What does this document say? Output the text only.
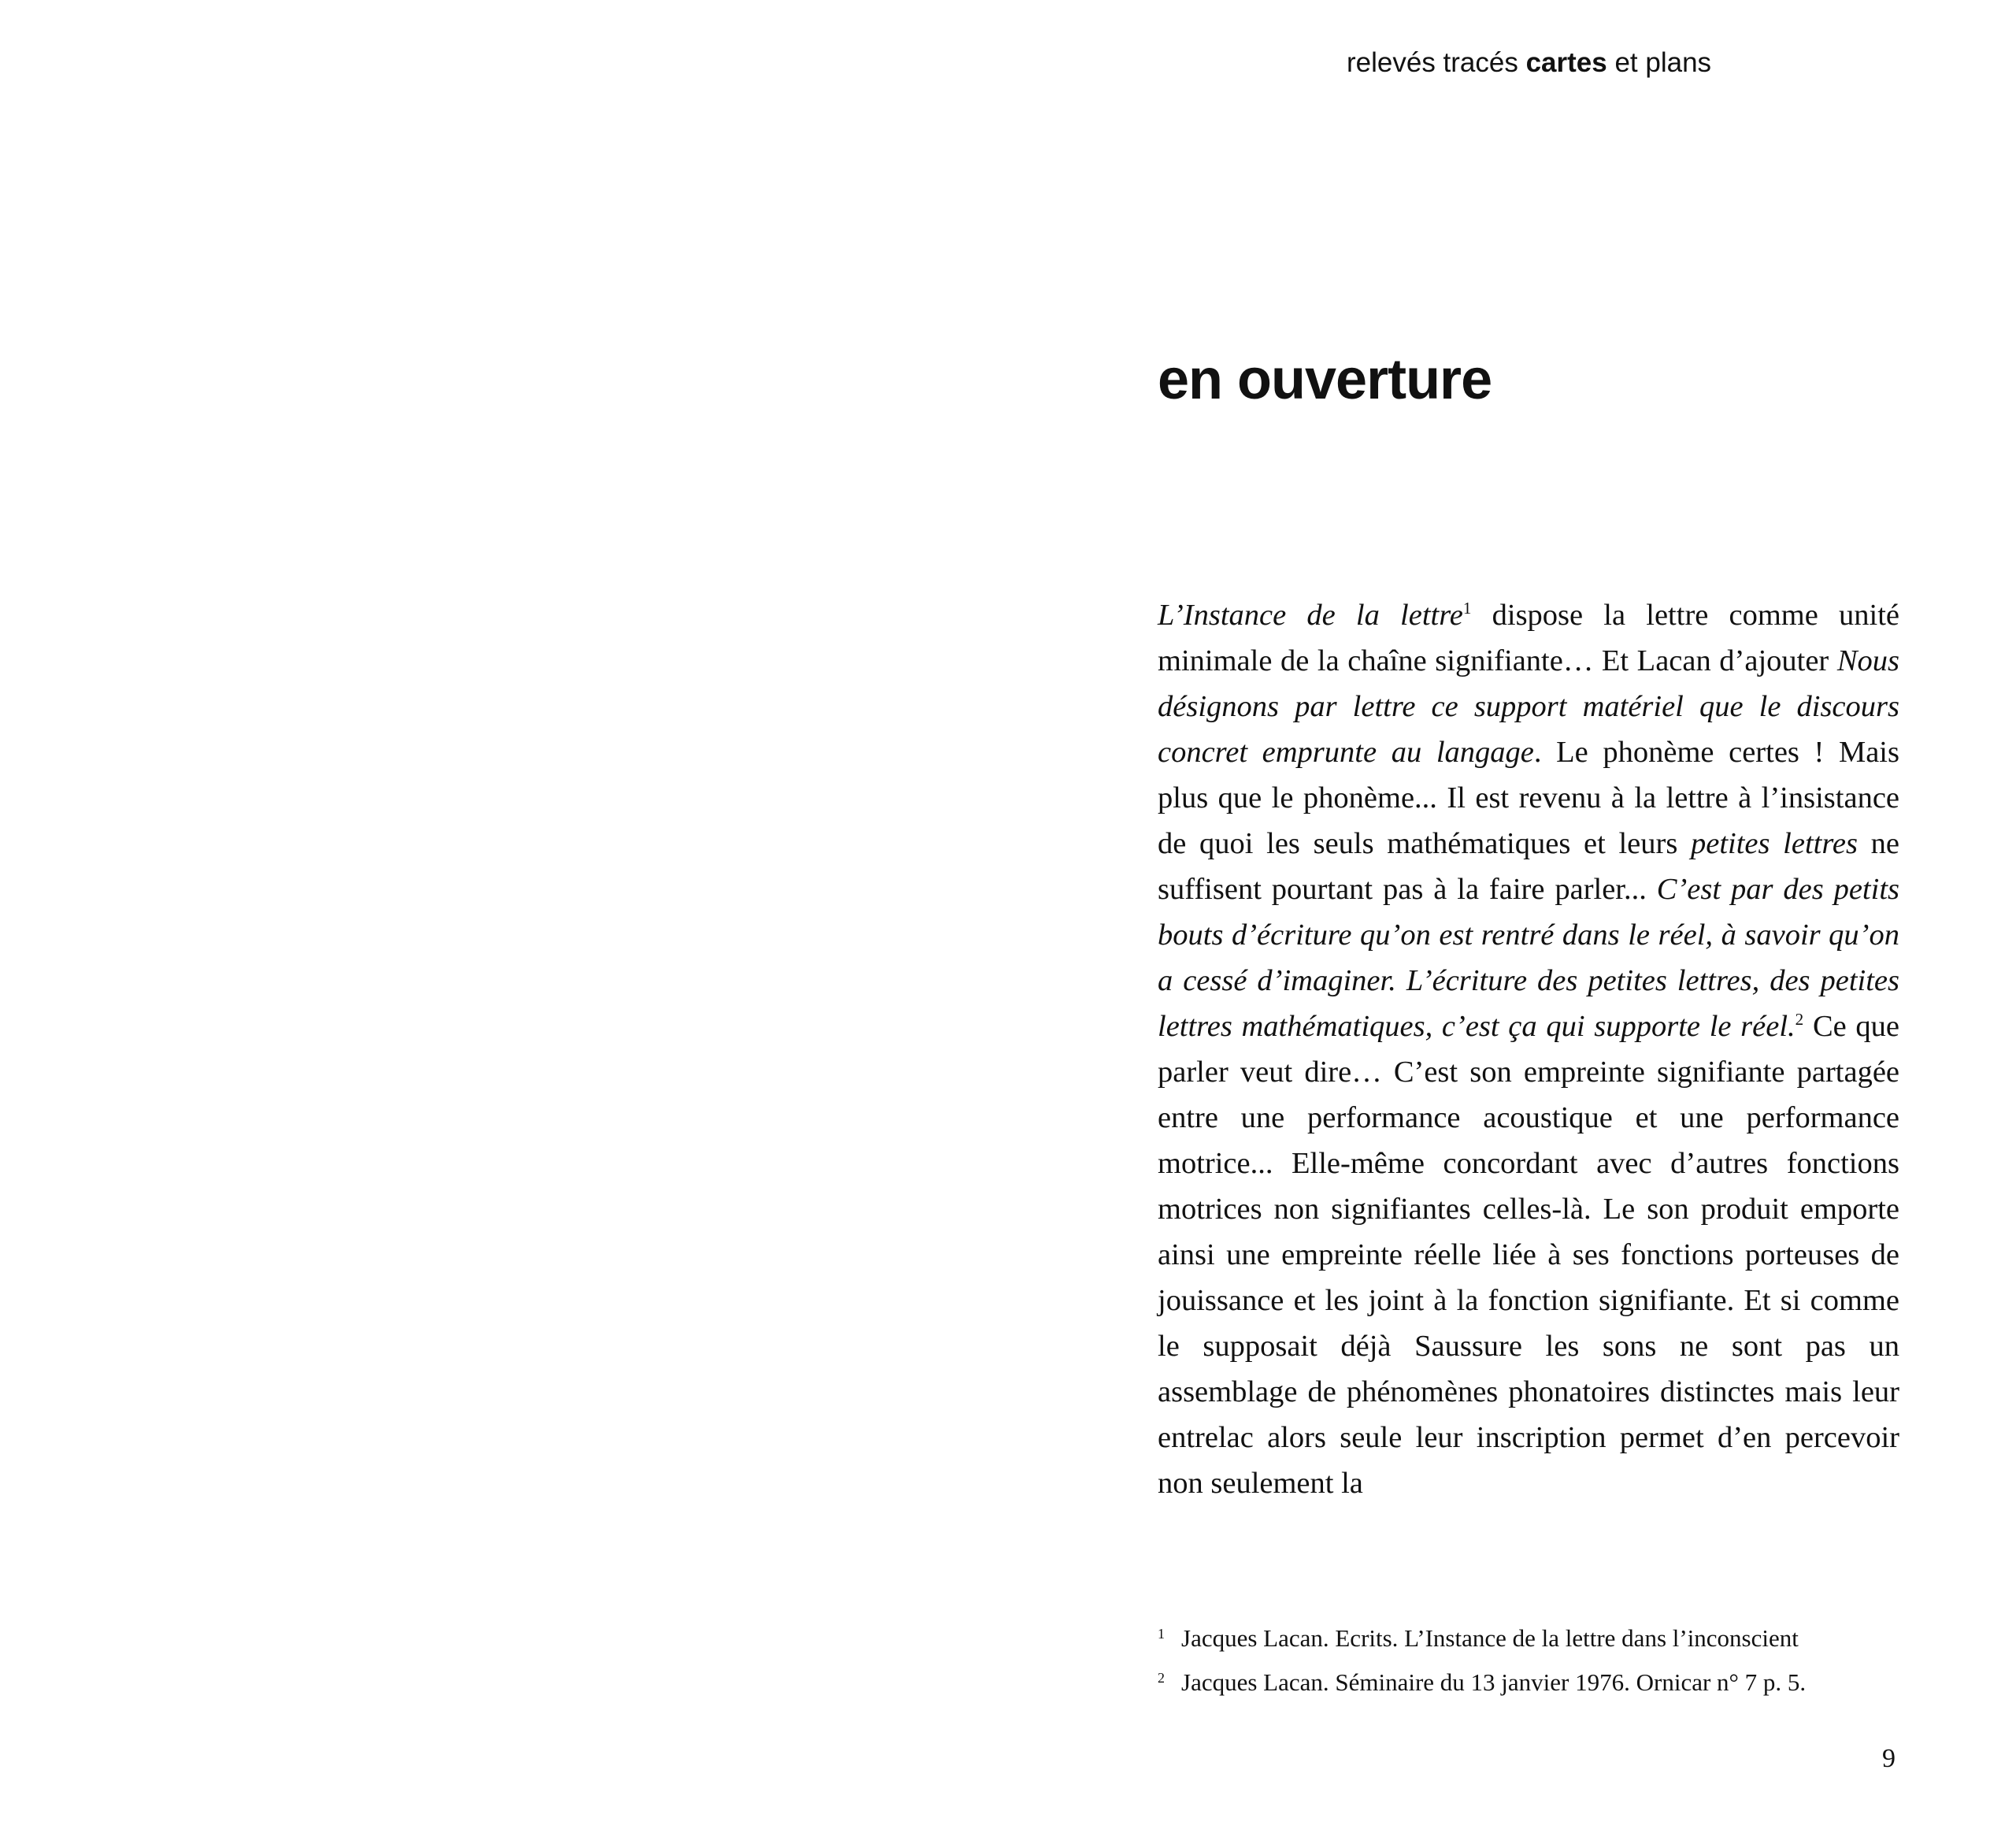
relevés tracés cartes et plans
en ouverture

L’Instance de la lettre$^1$ dispose la lettre comme unité minimale de la chaîne signifiante… Et Lacan d’ajouter Nous désignons par lettre ce support matériel que le discours concret emprunte au langage. Le phonème certes ! Mais plus que le phonème... Il est revenu à la lettre à l’insistance de quoi les seuls mathématiques et leurs petites lettres ne suffisent pourtant pas à la faire parler... C’est par des petits bouts d’écriture qu’on est rentré dans le réel, à savoir qu’on a cessé d’imaginer. L’écriture des petites lettres, des petites lettres mathématiques, c’est ça qui supporte le réel.$^2$ Ce que parler veut dire… C’est son empreinte signifiante partagée entre une performance acoustique et une performance motrice... Elle-même concordant avec d’autres fonctions motrices non signifiantes celles-là. Le son produit emporte ainsi une empreinte réelle liée à ses fonctions porteuses de jouissance et les joint à la fonction signifiante. Et si comme le supposait déjà Saussure les sons ne sont pas un assemblage de phénomènes phonatoires distinctes mais leur entrelac alors seule leur inscription permet d’en percevoir non seulement la

1 Jacques Lacan. Ecrits. L’Instance de la lettre dans l’inconscient
2 Jacques Lacan. Séminaire du 13 janvier 1976. Ornicar n° 7 p. 5.
9
